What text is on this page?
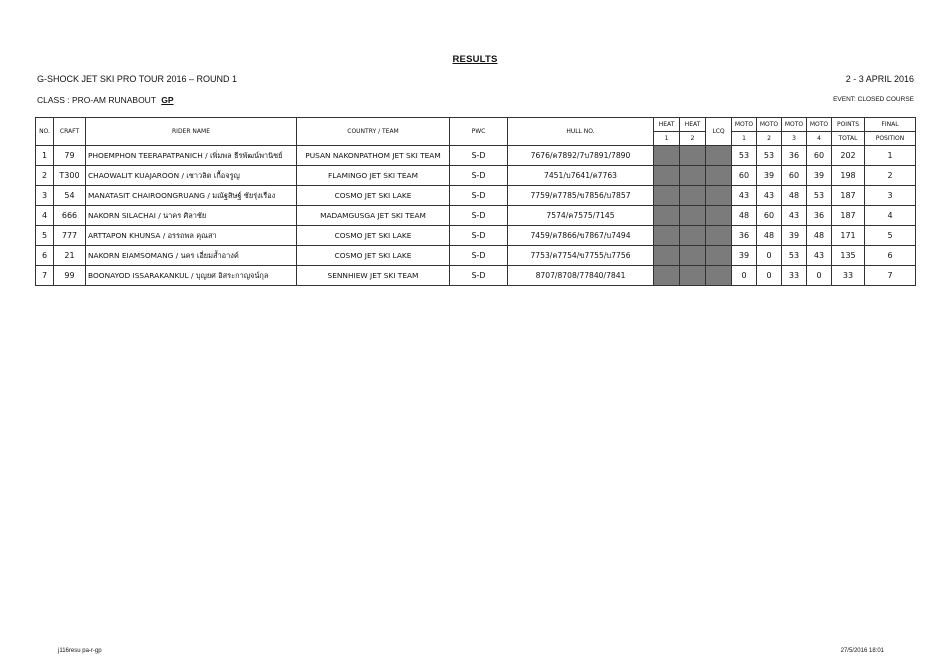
RESULTS
G-SHOCK JET SKI PRO TOUR 2016 – ROUND 1	2 - 3 APRIL 2016
CLASS : PRO-AM RUNABOUT GP	EVENT: CLOSED COURSE
NO.	CRAFT	RIDER NAME	COUNTRY / TEAM	PWC	HULL NO.	HEAT	HEAT	LCQ	MOTO	MOTO	MOTO	MOTO	POINTS	FINAL
						1	2		1	2	3	4	TOTAL	POSITION
1	79	PHOEMPHON TEERAPATPANICH / เพิ่มพล ธีรพัฒน์พานิชย์	PUSAN NAKONPATHOM JET SKI TEAM	S-D	7676/ค7892/7บ7891/7890				53	53	36	60	202	1
2	T300	CHAOWALIT KUAJAROON / เชาวลิต เกื้อจรูญ	FLAMINGO JET SKI TEAM	S-D	7451/บ7641/ค7763				60	39	60	39	198	2
3	54	MANATASIT CHAIROONGRUANG / มณัฐสิษฐ์ ชัยรุ่งเรือง	COSMO JET SKI LAKE	S-D	7759/ค7785/ข7856/บ7857				43	43	48	53	187	3
4	666	NAKORN SILACHAI / นาคร ศิลาชัย	MADAMGUSGA JET SKI TEAM	S-D	7574/ค7575/7145				48	60	43	36	187	4
5	777	ARTTAPON KHUNSA / อรรถพล คุณสา	COSMO JET SKI LAKE	S-D	7459/ค7866/ข7867/บ7494				36	48	39	48	171	5
6	21	NAKORN EIAMSOMANG / นคร เอี่ยมส้ำอางค์	COSMO JET SKI LAKE	S-D	7753/ค7754/ข7755/บ7756				39	0	53	43	135	6
7	99	BOONAYOD ISSARAKANKUL / บุญยศ อิสระกาญจน์กุล	SENNHIEW JET SKI TEAM	S-D	8707/8708/77840/7841				0	0	33	0	33	7
j116resu pa-r-gp	27/5/2016 18:01
